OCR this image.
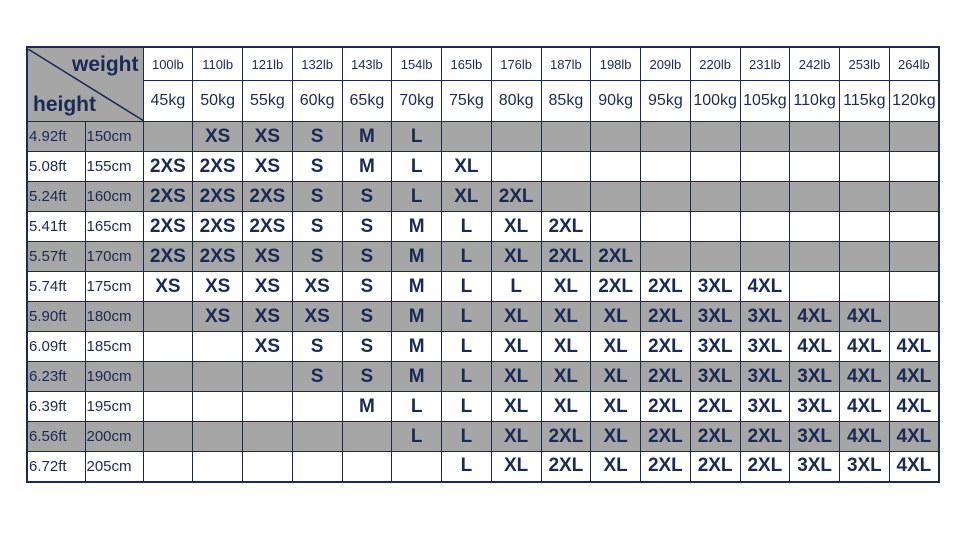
weight
height		100lb	110lb	121lb	132lb	143lb	154lb	165lb	176lb	187lb	198lb	209lb	220lb	231lb	242lb	253lb	264lb
		45kg	50kg	55kg	60kg	65kg	70kg	75kg	80kg	85kg	90kg	95kg	100kg	105kg	110kg	115kg	120kg
4.92ft	150cm		XS	XS	S	M	L										
5.08ft	155cm	2XS	2XS	XS	S	M	L	XL									
5.24ft	160cm	2XS	2XS	2XS	S	S	L	XL	2XL								
5.41ft	165cm	2XS	2XS	2XS	S	S	M	L	XL	2XL							
5.57ft	170cm	2XS	2XS	XS	S	S	M	L	XL	2XL	2XL						
5.74ft	175cm	XS	XS	XS	XS	S	M	L	L	XL	2XL	2XL	3XL	4XL			
5.90ft	180cm		XS	XS	XS	S	M	L	XL	XL	XL	2XL	3XL	3XL	4XL	4XL	
6.09ft	185cm			XS	S	S	M	L	XL	XL	XL	2XL	3XL	3XL	4XL	4XL	4XL
6.23ft	190cm				S	S	M	L	XL	XL	XL	2XL	3XL	3XL	3XL	4XL	4XL
6.39ft	195cm					M	L	L	XL	XL	XL	2XL	2XL	3XL	3XL	4XL	4XL
6.56ft	200cm						L	L	XL	2XL	XL	2XL	2XL	2XL	3XL	4XL	4XL
6.72ft	205cm							L	XL	2XL	XL	2XL	2XL	2XL	3XL	3XL	4XL
